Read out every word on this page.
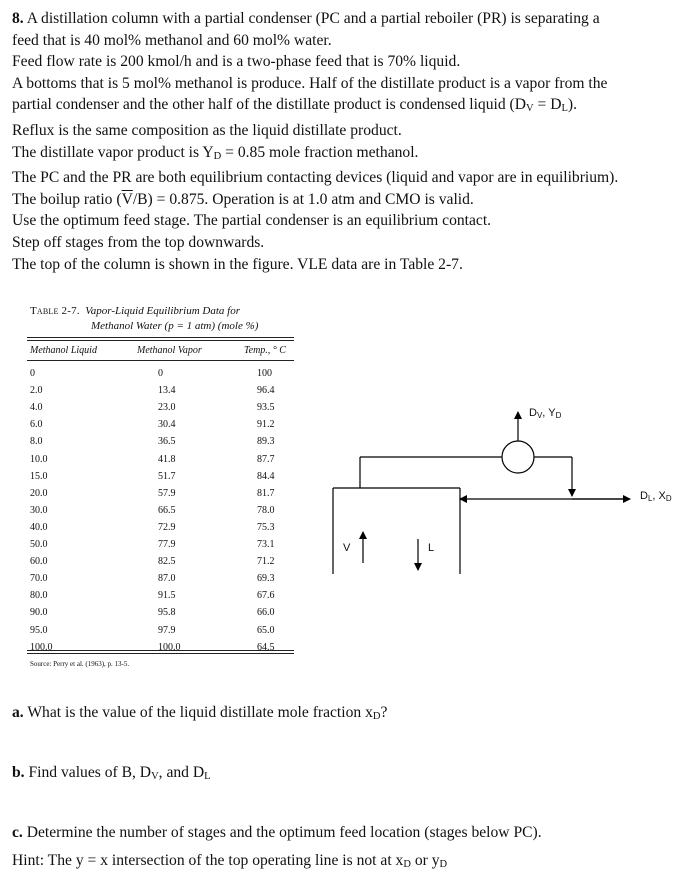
8. A distillation column with a partial condenser (PC and a partial reboiler (PR) is separating a

feed that is 40 mol% methanol and 60 mol% water.

Feed flow rate is 200 kmol/h and is a two-phase feed that is 70% liquid.

A bottoms that is 5 mol% methanol is produce. Half of the distillate product is a vapor from the

partial condenser and the other half of the distillate product is condensed liquid $(D_V = D_L)$.

Reflux is the same composition as the liquid distillate product.

The distillate vapor product is $Y_D = 0.85$ mole fraction methanol.

The PC and the PR are both equilibrium contacting devices (liquid and vapor are in equilibrium).

The boilup ratio $(\overline{V}/B) = 0.875$. Operation is at 1.0 atm and CMO is valid.

Use the optimum feed stage. The partial condenser is an equilibrium contact.

Step off stages from the top downwards.

The top of the column is shown in the figure. VLE data are in Table 2-7.

Table 2-7. Vapor-Liquid Equilibrium Data for
Methanol Water (p = 1 atm) (mole %)
Methanol Liquid	Methanol Vapor	Temp., ° C
0	0	100
2.0	13.4	96.4
4.0	23.0	93.5
6.0	30.4	91.2
8.0	36.5	89.3
10.0	41.8	87.7
15.0	51.7	84.4
20.0	57.9	81.7
30.0	66.5	78.0
40.0	72.9	75.3
50.0	77.9	73.1
60.0	82.5	71.2
70.0	87.0	69.3
80.0	91.5	67.6
90.0	95.8	66.0
95.0	97.9	65.0
100.0	100.0	64.5
Source: Perry et al. (1963), p. 13-5.
$D_V$, $Y_D$
$D_L$, $X_D$
V	L
a. What is the value of the liquid distillate mole fraction $x_D$?
b. Find values of B, $D_V$, and $D_L$
c. Determine the number of stages and the optimum feed location (stages below PC).
Hint: The y = x intersection of the top operating line is not at $x_D$ or $y_D$
